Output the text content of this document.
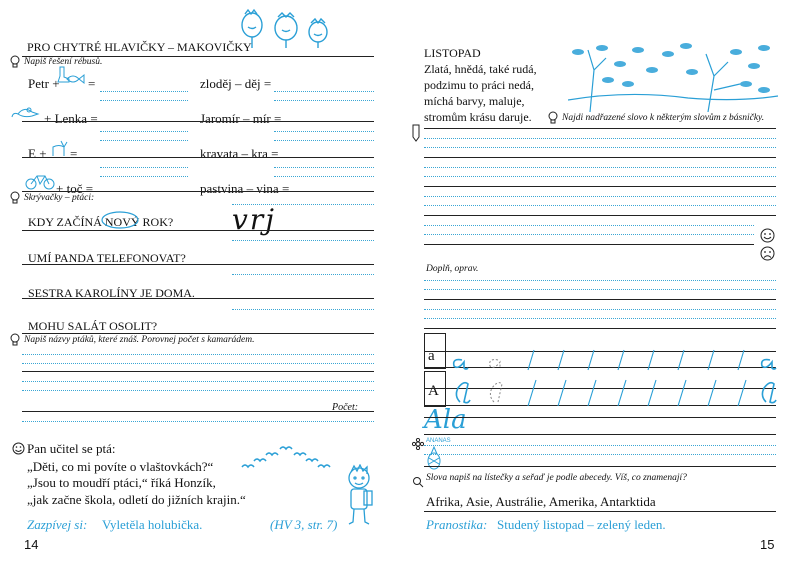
PRO CHYTRÉ HLAVIČKY – MAKOVIČKY
Napiš řešení rébusů.
Petr + =	zloděj – děj =
+ Lenka =	Jaromír – mír =
E + =	kravata – kra =
+ toč =	pastvina – vina =
Skrývačky – ptáci:
KDY ZAČÍNÁ NOVÝ ROK? vrj
UMÍ PANDA TELEFONOVAT?
SESTRA KAROLÍNY JE DOMA.
MOHU SALÁT OSOLIT?
Napiš názvy ptáků, které znáš. Porovnej počet s kamarádem.
Počet:
Pan učitel se ptá:
„Děti, co mi povíte o vlaštovkách?“
„Jsou to moudří ptáci,“ říká Honzík,
„jak začne škola, odletí do jižních krajin.“
Zazpívej si: Vyletěla holubička.	(HV 3, str. 7)
14
LISTOPAD
Zlatá, hnědá, také rudá,
podzimu to práci nedá,
míchá barvy, maluje,
stromům krásu daruje.	Najdi nadřazené slovo k některým slovům z básničky.
Doplň, oprav.
a
A
Ala
ANANAS
Slova napiš na lístečky a seřaď je podle abecedy. Víš, co znamenají?
Afrika, Asie, Austrálie, Amerika, Antarktida
Pranostika: Studený listopad – zelený leden.
15
